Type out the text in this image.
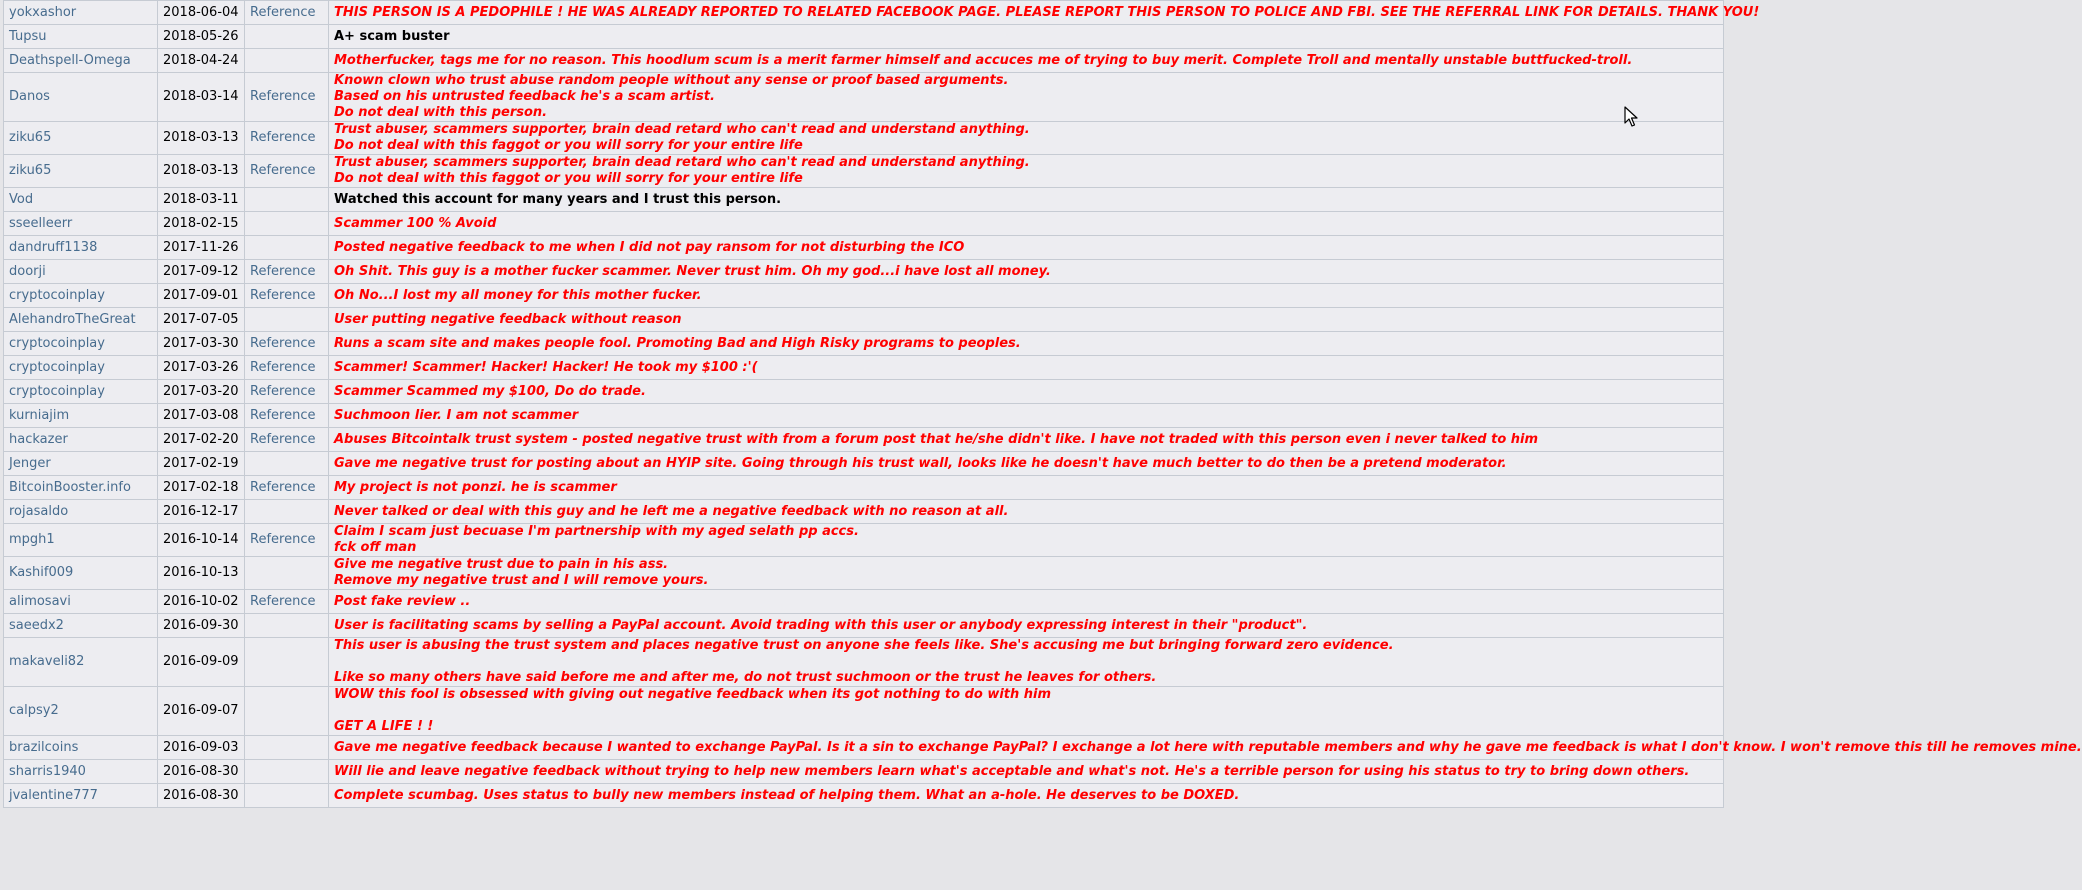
yokxashor	2018-06-04	Reference	THIS PERSON IS A PEDOPHILE ! HE WAS ALREADY REPORTED TO RELATED FACEBOOK PAGE. PLEASE REPORT THIS PERSON TO POLICE AND FBI. SEE THE REFERRAL LINK FOR DETAILS. THANK YOU!

Tupsu	2018-05-26		A+ scam buster

Deathspell-Omega	2018-04-24		Motherfucker, tags me for no reason. This hoodlum scum is a merit farmer himself and accuces me of trying to buy merit. Complete Troll and mentally unstable buttfucked-troll.

Danos	2018-03-14	Reference	Known clown who trust abuse random people without any sense or proof based arguments.
Based on his untrusted feedback he's a scam artist.
Do not deal with this person.

ziku65	2018-03-13	Reference	Trust abuser, scammers supporter, brain dead retard who can't read and understand anything.
Do not deal with this faggot or you will sorry for your entire life

ziku65	2018-03-13	Reference	Trust abuser, scammers supporter, brain dead retard who can't read and understand anything.
Do not deal with this faggot or you will sorry for your entire life

Vod	2018-03-11		Watched this account for many years and I trust this person.

sseelleerr	2018-02-15		Scammer 100 % Avoid

dandruff1138	2017-11-26		Posted negative feedback to me when I did not pay ransom for not disturbing the ICO

doorji	2017-09-12	Reference	Oh Shit. This guy is a mother fucker scammer. Never trust him. Oh my god...i have lost all money.

cryptocoinplay	2017-09-01	Reference	Oh No...I lost my all money for this mother fucker.

AlehandroTheGreat	2017-07-05		User putting negative feedback without reason

cryptocoinplay	2017-03-30	Reference	Runs a scam site and makes people fool. Promoting Bad and High Risky programs to peoples.

cryptocoinplay	2017-03-26	Reference	Scammer! Scammer! Hacker! Hacker! He took my $100 :'(

cryptocoinplay	2017-03-20	Reference	Scammer Scammed my $100, Do do trade.

kurniajim	2017-03-08	Reference	Suchmoon lier. I am not scammer

hackazer	2017-02-20	Reference	Abuses Bitcointalk trust system - posted negative trust with from a forum post that he/she didn't like. I have not traded with this person even i never talked to him

Jenger	2017-02-19		Gave me negative trust for posting about an HYIP site. Going through his trust wall, looks like he doesn't have much better to do then be a pretend moderator.

BitcoinBooster.info	2017-02-18	Reference	My project is not ponzi. he is scammer

rojasaldo	2016-12-17		Never talked or deal with this guy and he left me a negative feedback with no reason at all.

mpgh1	2016-10-14	Reference	Claim I scam just becuase I'm partnership with my aged selath pp accs.
fck off man

Kashif009	2016-10-13		Give me negative trust due to pain in his ass.
Remove my negative trust and I will remove yours.

alimosavi	2016-10-02	Reference	Post fake review ..

saeedx2	2016-09-30		User is facilitating scams by selling a PayPal account. Avoid trading with this user or anybody expressing interest in their "product".

makaveli82	2016-09-09		This user is abusing the trust system and places negative trust on anyone she feels like. She's accusing me but bringing forward zero evidence.
Like so many others have said before me and after me, do not trust suchmoon or the trust he leaves for others.

calpsy2	2016-09-07		WOW this fool is obsessed with giving out negative feedback when its got nothing to do with him
GET A LIFE ! !

brazilcoins	2016-09-03		Gave me negative feedback because I wanted to exchange PayPal. Is it a sin to exchange PayPal? I exchange a lot here with reputable members and why he gave me feedback is what I don't know. I won't remove this till he removes mine.

sharris1940	2016-08-30		Will lie and leave negative feedback without trying to help new members learn what's acceptable and what's not. He's a terrible person for using his status to try to bring down others.

jvalentine777	2016-08-30		Complete scumbag. Uses status to bully new members instead of helping them. What an a-hole. He deserves to be DOXED.
